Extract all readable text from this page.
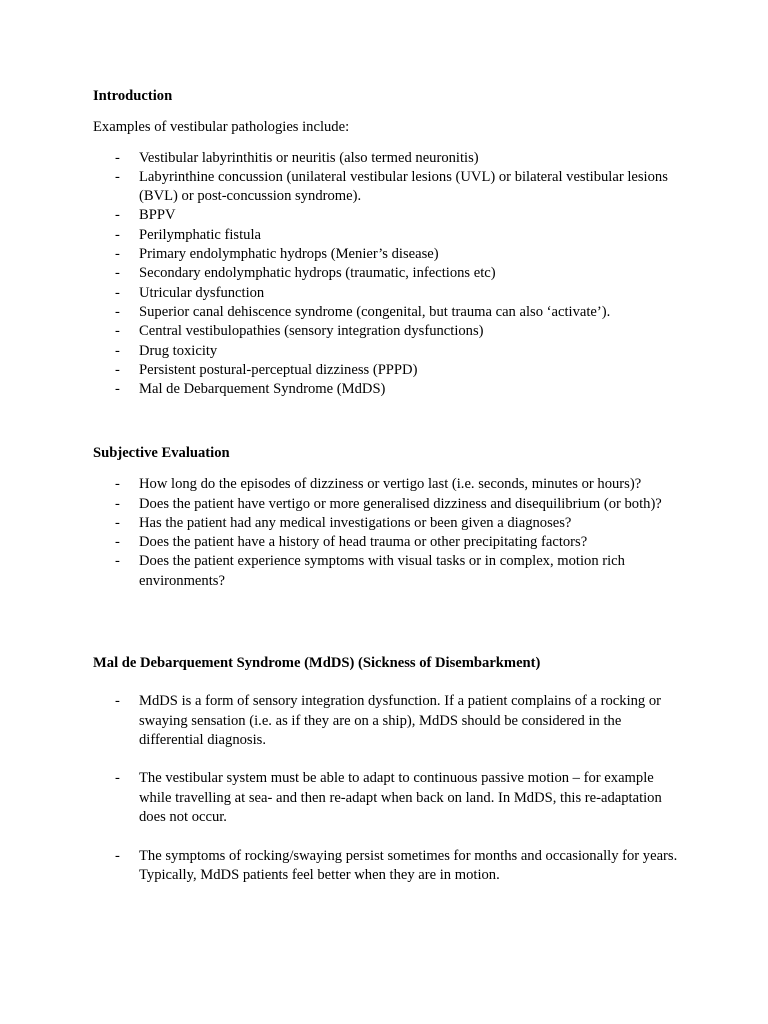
Introduction

Examples of vestibular pathologies include:

- Vestibular labyrinthitis or neuritis (also termed neuronitis)
- Labyrinthine concussion (unilateral vestibular lesions (UVL) or bilateral vestibular lesions (BVL) or post-concussion syndrome).
- BPPV
- Perilymphatic fistula
- Primary endolymphatic hydrops (Menier’s disease)
- Secondary endolymphatic hydrops (traumatic, infections etc)
- Utricular dysfunction
- Superior canal dehiscence syndrome (congenital, but trauma can also ‘activate’).
- Central vestibulopathies (sensory integration dysfunctions)
- Drug toxicity
- Persistent postural-perceptual dizziness (PPPD)
- Mal de Debarquement Syndrome (MdDS)
Subjective Evaluation
- How long do the episodes of dizziness or vertigo last (i.e. seconds, minutes or hours)?
- Does the patient have vertigo or more generalised dizziness and disequilibrium (or both)?
- Has the patient had any medical investigations or been given a diagnoses?
- Does the patient have a history of head trauma or other precipitating factors?
- Does the patient experience symptoms with visual tasks or in complex, motion rich environments?
Mal de Debarquement Syndrome (MdDS) (Sickness of Disembarkment)
- MdDS is a form of sensory integration dysfunction. If a patient complains of a rocking or swaying sensation (i.e. as if they are on a ship), MdDS should be considered in the differential diagnosis.
- The vestibular system must be able to adapt to continuous passive motion – for example while travelling at sea- and then re-adapt when back on land. In MdDS, this re-adaptation does not occur.
- The symptoms of rocking/swaying persist sometimes for months and occasionally for years. Typically, MdDS patients feel better when they are in motion.
